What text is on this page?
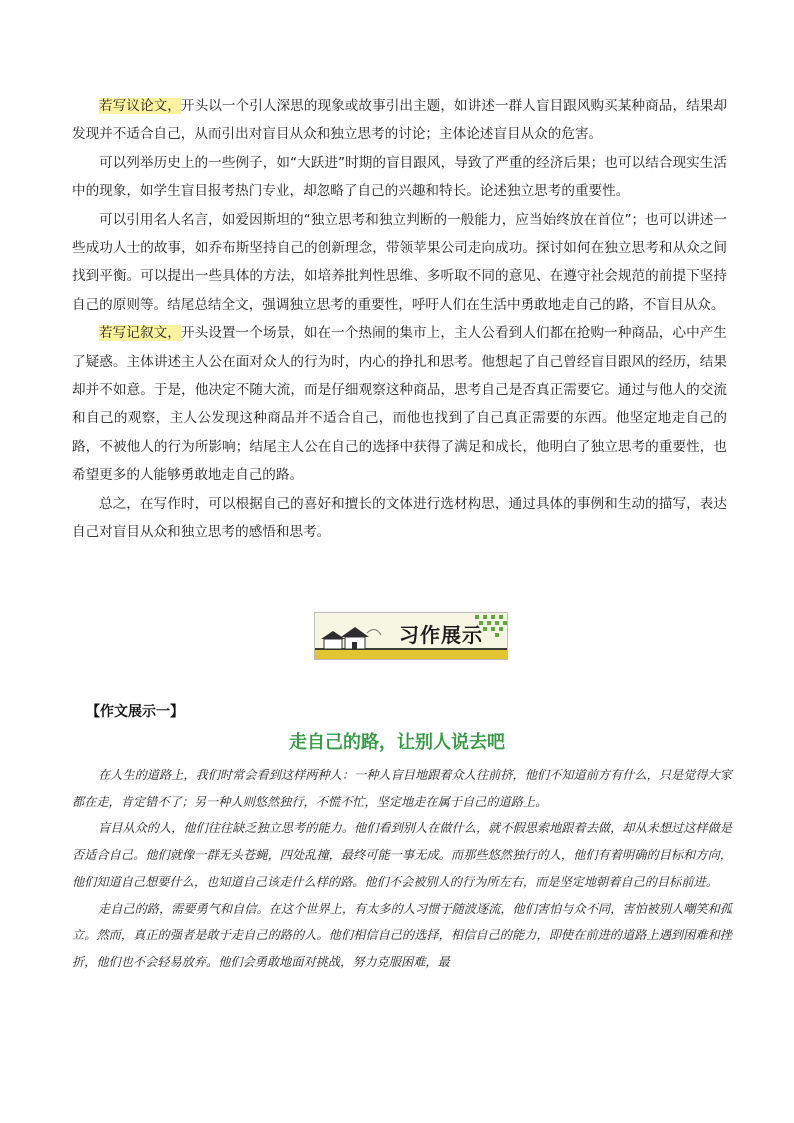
若写议论文，开头以一个引人深思的现象或故事引出主题，如讲述一群人盲目跟风购买某种商品，结果却发现并不适合自己，从而引出对盲目从众和独立思考的讨论；主体论述盲目从众的危害。

可以列举历史上的一些例子，如“大跃进”时期的盲目跟风，导致了严重的经济后果；也可以结合现实生活中的现象，如学生盲目报考热门专业，却忽略了自己的兴趣和特长。论述独立思考的重要性。

可以引用名人名言，如爱因斯坦的“独立思考和独立判断的一般能力，应当始终放在首位”；也可以讲述一些成功人士的故事，如乔布斯坚持自己的创新理念，带领苹果公司走向成功。探讨如何在独立思考和从众之间找到平衡。可以提出一些具体的方法，如培养批判性思维、多听取不同的意见、在遵守社会规范的前提下坚持自己的原则等。结尾总结全文，强调独立思考的重要性，呼吁人们在生活中勇敢地走自己的路，不盲目从众。

若写记叙文，开头设置一个场景，如在一个热闹的集市上，主人公看到人们都在抢购一种商品，心中产生了疑惑。主体讲述主人公在面对众人的行为时，内心的挣扎和思考。他想起了自己曾经盲目跟风的经历，结果却并不如意。于是，他决定不随大流，而是仔细观察这种商品，思考自己是否真正需要它。通过与他人的交流和自己的观察，主人公发现这种商品并不适合自己，而他也找到了自己真正需要的东西。他坚定地走自己的路，不被他人的行为所影响；结尾主人公在自己的选择中获得了满足和成长，他明白了独立思考的重要性，也希望更多的人能够勇敢地走自己的路。

总之，在写作时，可以根据自己的喜好和擅长的文体进行选材构思，通过具体的事例和生动的描写，表达自己对盲目从众和独立思考的感悟和思考。

习作展示
【作文展示一】
走自己的路，让别人说去吧

在人生的道路上，我们时常会看到这样两种人：一种人盲目地跟着众人往前挤，他们不知道前方有什么，只是觉得大家都在走，肯定错不了；另一种人则悠然独行，不慌不忙，坚定地走在属于自己的道路上。

盲目从众的人，他们往往缺乏独立思考的能力。他们看到别人在做什么，就不假思索地跟着去做，却从未想过这样做是否适合自己。他们就像一群无头苍蝇，四处乱撞，最终可能一事无成。而那些悠然独行的人，他们有着明确的目标和方向，他们知道自己想要什么，也知道自己该走什么样的路。他们不会被别人的行为所左右，而是坚定地朝着自己的目标前进。

走自己的路，需要勇气和自信。在这个世界上，有太多的人习惯于随波逐流，他们害怕与众不同，害怕被别人嘲笑和孤立。然而，真正的强者是敢于走自己的路的人。他们相信自己的选择，相信自己的能力，即使在前进的道路上遇到困难和挫折，他们也不会轻易放弃。他们会勇敢地面对挑战，努力克服困难，最
